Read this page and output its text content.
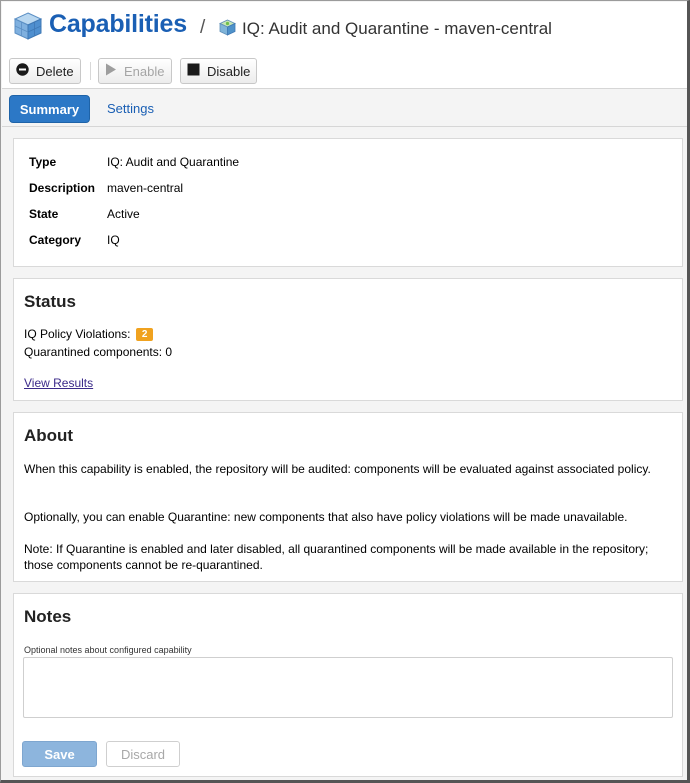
Capabilities / IQ: Audit and Quarantine - maven-central
Delete	Enable	Disable
Summary	Settings
Type	IQ: Audit and Quarantine
Description maven-central
State	Active
Category IQ
Status
IQ Policy Violations: 2
Quarantined components: 0
View Results
About
When this capability is enabled, the repository will be audited: components will be evaluated against associated policy.
Optionally, you can enable Quarantine: new components that also have policy violations will be made unavailable.
Note: If Quarantine is enabled and later disabled, all quarantined components will be made available in the repository; those components cannot be re-quarantined.
Notes
Optional notes about configured capability
Save	Discard
